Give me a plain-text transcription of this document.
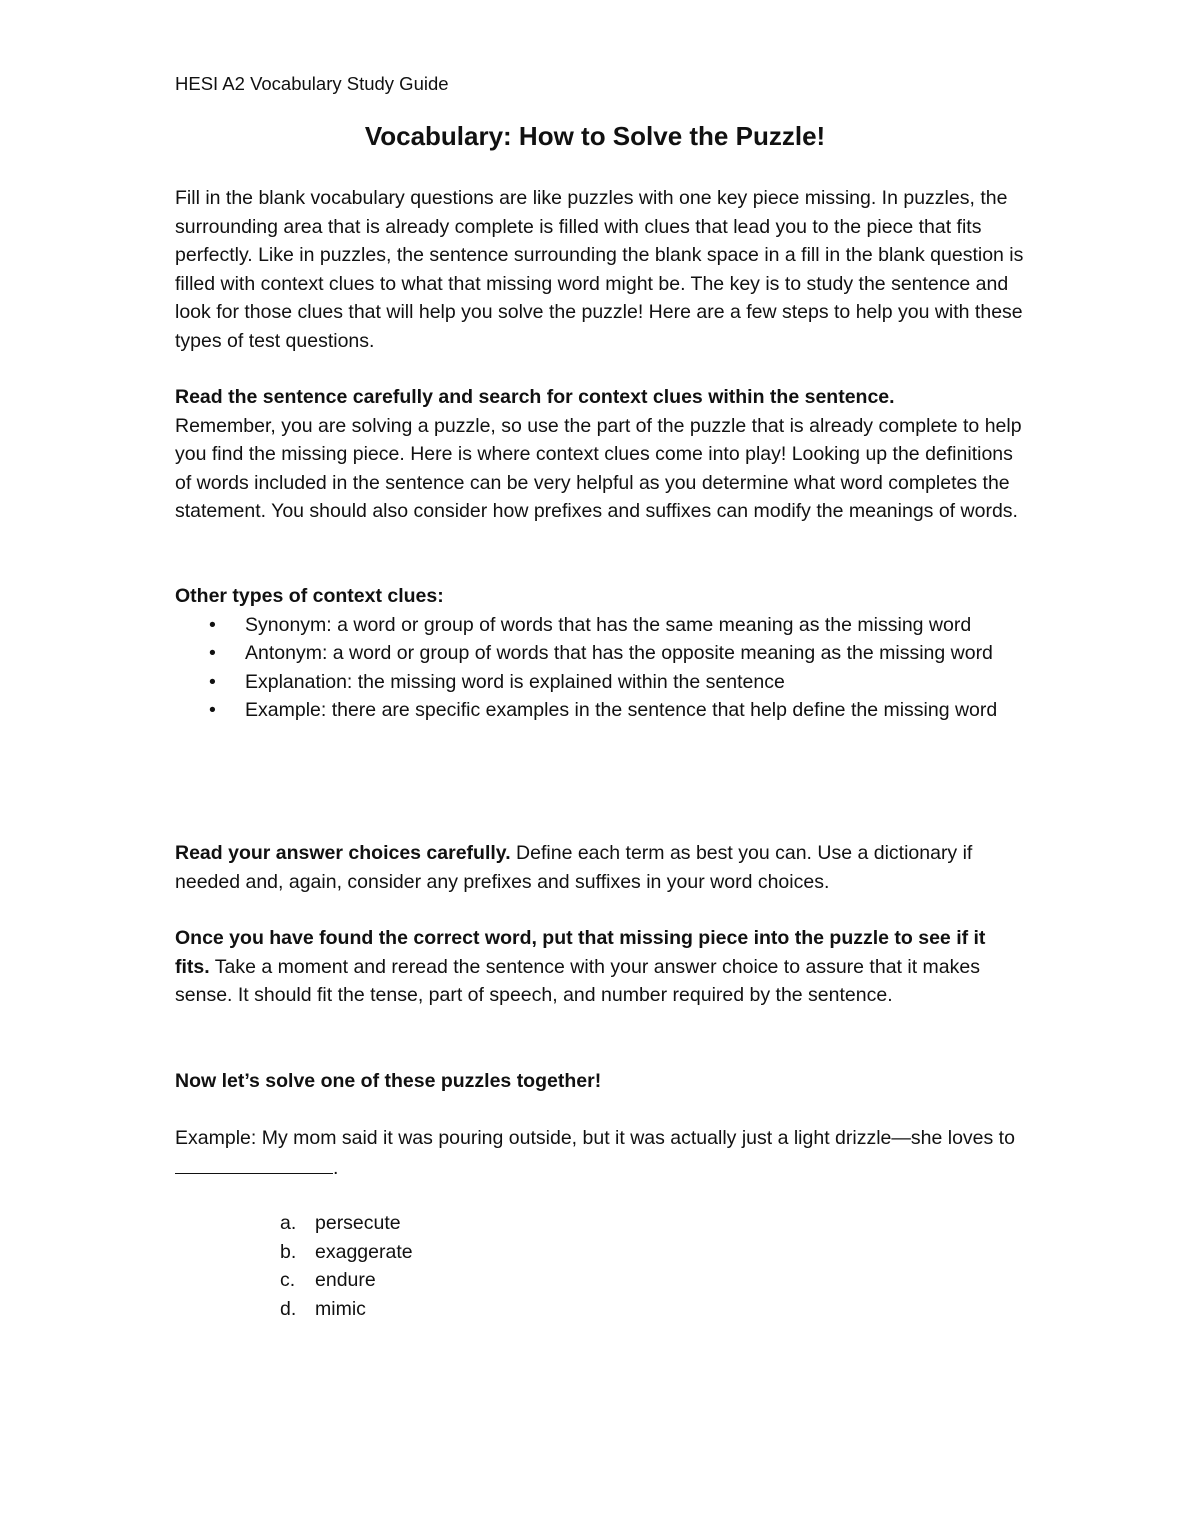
HESI A2 Vocabulary Study Guide
Vocabulary: How to Solve the Puzzle!

Fill in the blank vocabulary questions are like puzzles with one key piece missing. In puzzles, the surrounding area that is already complete is filled with clues that lead you to the piece that fits perfectly. Like in puzzles, the sentence surrounding the blank space in a fill in the blank question is filled with context clues to what that missing word might be. The key is to study the sentence and look for those clues that will help you solve the puzzle! Here are a few steps to help you with these types of test questions.

Read the sentence carefully and search for context clues within the sentence.

Remember, you are solving a puzzle, so use the part of the puzzle that is already complete to help you find the missing piece. Here is where context clues come into play! Looking up the definitions of words included in the sentence can be very helpful as you determine what word completes the statement. You should also consider how prefixes and suffixes can modify the meanings of words.

Other types of context clues:

• Synonym: a word or group of words that has the same meaning as the missing word
• Antonym: a word or group of words that has the opposite meaning as the missing word
• Explanation: the missing word is explained within the sentence
• Example: there are specific examples in the sentence that help define the missing word

Read your answer choices carefully. Define each term as best you can. Use a dictionary if needed and, again, consider any prefixes and suffixes in your word choices.

Once you have found the correct word, put that missing piece into the puzzle to see if it fits. Take a moment and reread the sentence with your answer choice to assure that it makes sense. It should fit the tense, part of speech, and number required by the sentence.

Now let’s solve one of these puzzles together!

Example: My mom said it was pouring outside, but it was actually just a light drizzle—she loves to.

a. persecute
b. exaggerate
c. endure
d. mimic
